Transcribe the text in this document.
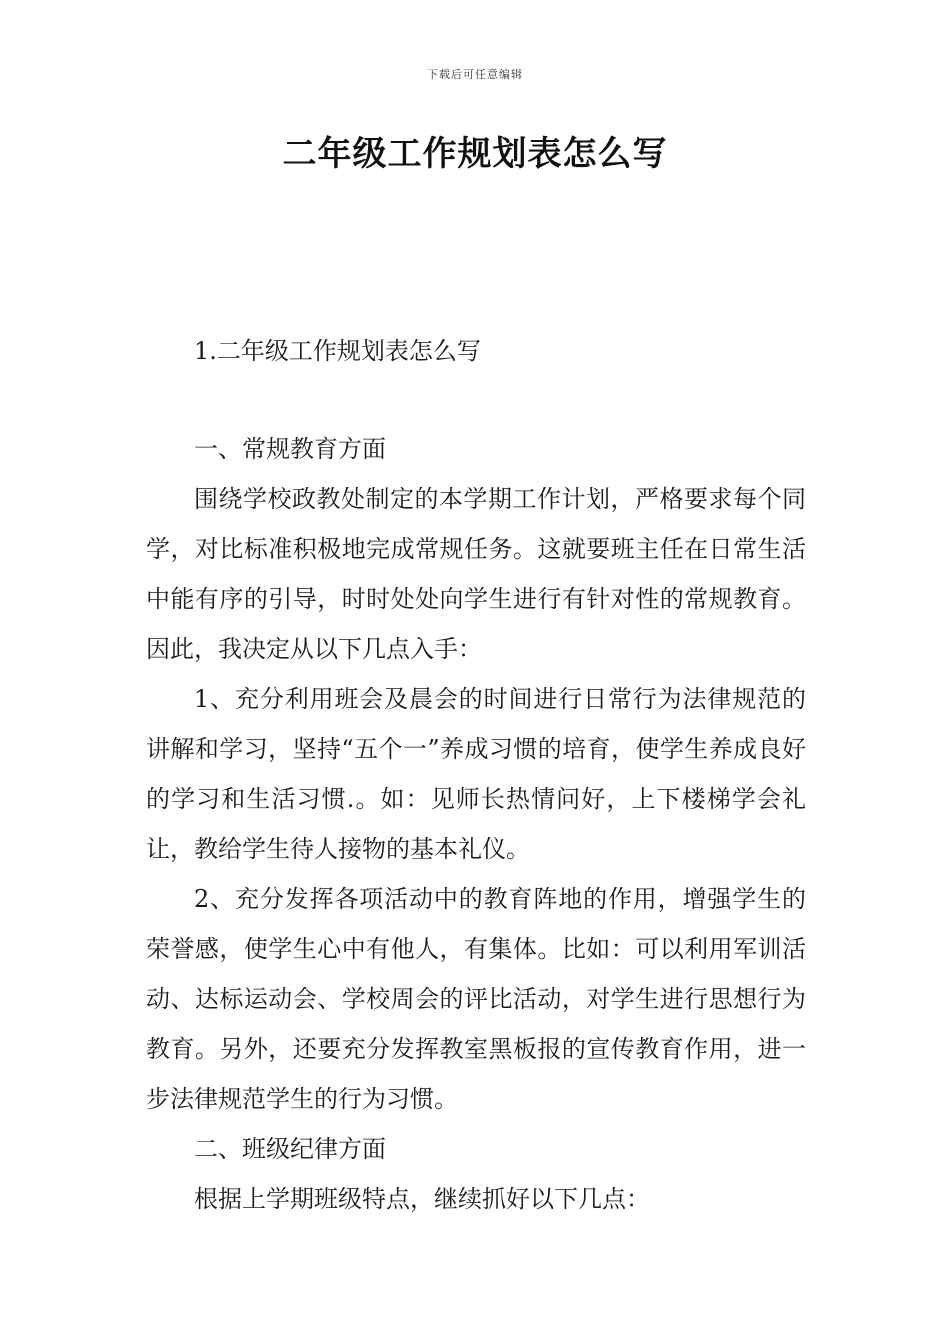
下载后可任意编辑
二年级工作规划表怎么写
1.二年级工作规划表怎么写

一、常规教育方面

围绕学校政教处制定的本学期工作计划，严格要求每个同学，对比标准积极地完成常规任务。这就要班主任在日常生活中能有序的引导，时时处处向学生进行有针对性的常规教育。因此，我决定从以下几点入手：

1、充分利用班会及晨会的时间进行日常行为法律规范的讲解和学习，坚持“五个一”养成习惯的培育，使学生养成良好的学习和生活习惯.。如：见师长热情问好，上下楼梯学会礼让，教给学生待人接物的基本礼仪。

2、充分发挥各项活动中的教育阵地的作用，增强学生的荣誉感，使学生心中有他人，有集体。比如：可以利用军训活动、达标运动会、学校周会的评比活动，对学生进行思想行为教育。另外，还要充分发挥教室黑板报的宣传教育作用，进一步法律规范学生的行为习惯。

二、班级纪律方面

根据上学期班级特点，继续抓好以下几点：
